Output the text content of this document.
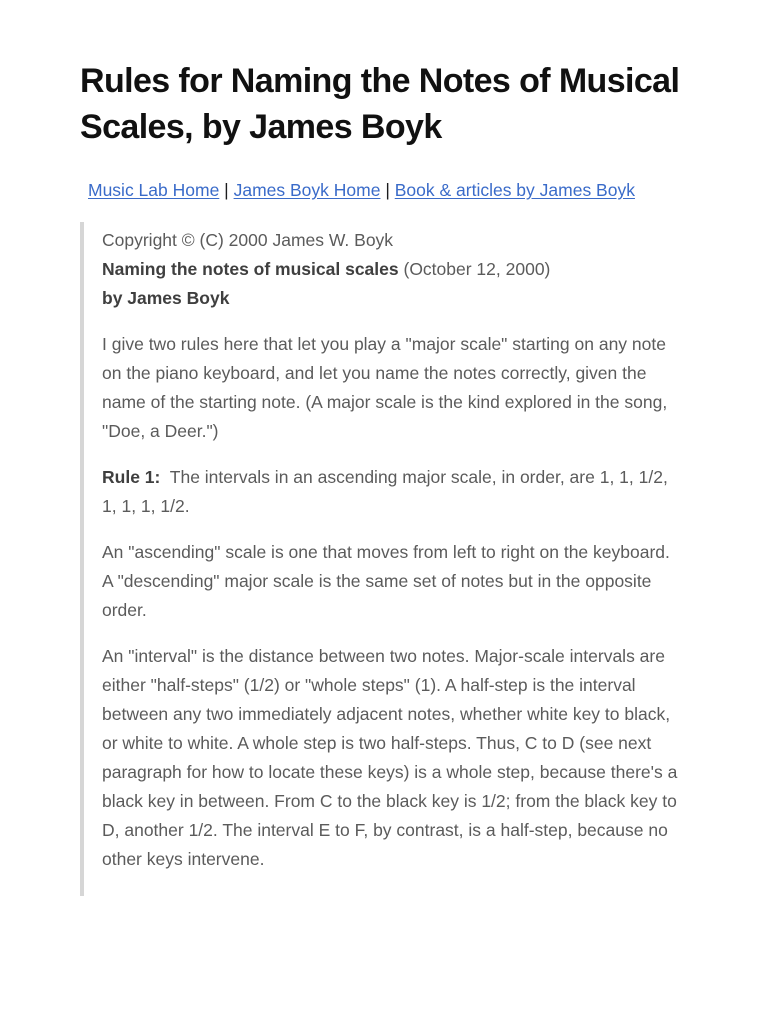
Rules for Naming the Notes of Musical Scales, by James Boyk
Music Lab Home | James Boyk Home | Book & articles by James Boyk
Copyright © (C) 2000 James W. Boyk
Naming the notes of musical scales (October 12, 2000)
by James Boyk

I give two rules here that let you play a "major scale" starting on any note on the piano keyboard, and let you name the notes correctly, given the name of the starting note. (A major scale is the kind explored in the song, "Doe, a Deer.")

Rule 1:  The intervals in an ascending major scale, in order, are 1, 1, 1/2, 1, 1, 1, 1/2.

An "ascending" scale is one that moves from left to right on the keyboard. A "descending" major scale is the same set of notes but in the opposite order.

An "interval" is the distance between two notes. Major-scale intervals are either "half-steps" (1/2) or "whole steps" (1). A half-step is the interval between any two immediately adjacent notes, whether white key to black, or white to white. A whole step is two half-steps. Thus, C to D (see next paragraph for how to locate these keys) is a whole step, because there's a black key in between. From C to the black key is 1/2; from the black key to D, another 1/2. The interval E to F, by contrast, is a half-step, because no other keys intervene.
